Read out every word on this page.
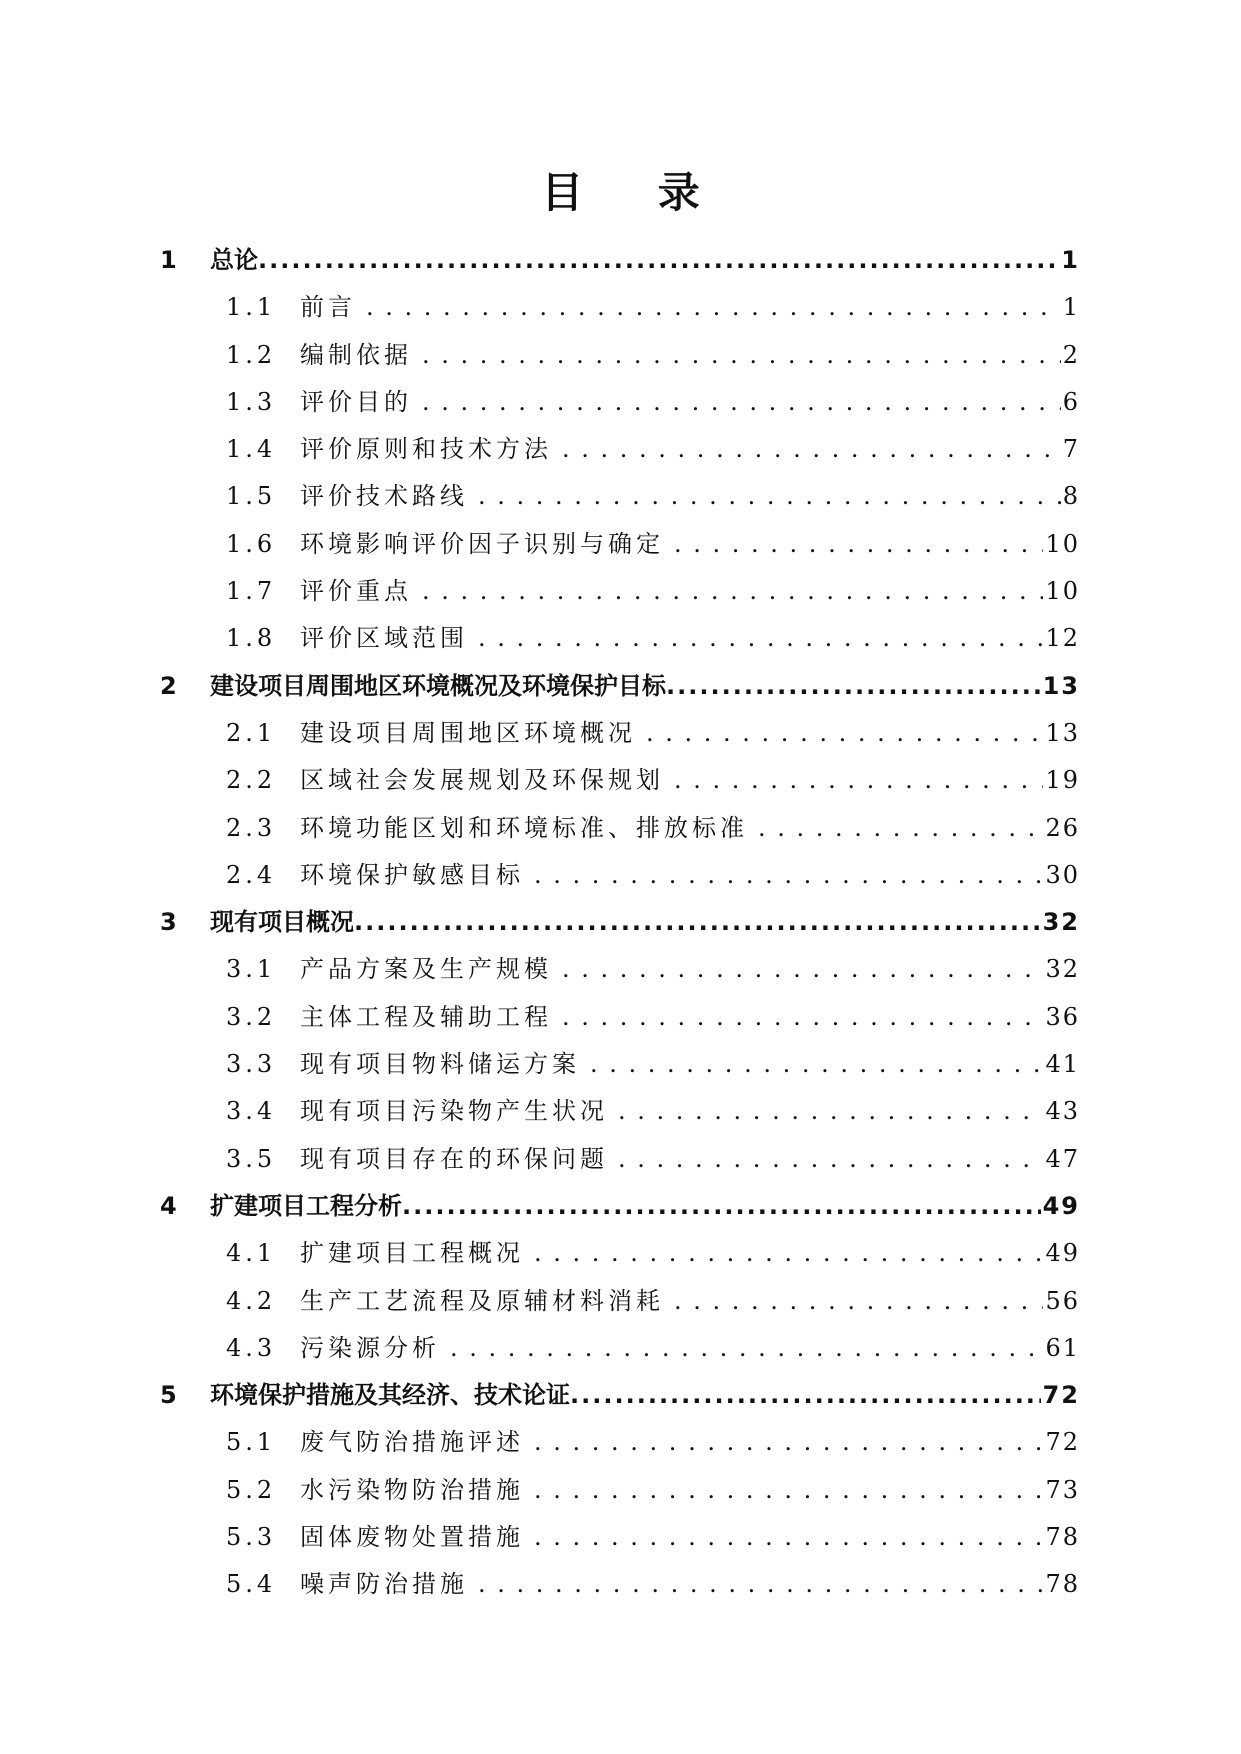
目 录
1	总论 .....	1
1.1 前言 . . .	1
1.2 编制依据 . . .	2
1.3 评价目的 . . .	6
1.4 评价原则和技术方法 . . .	7
1.5 评价技术路线 . . .	8
1.6 环境影响评价因子识别与确定 . . .	10
1.7 评价重点 . . .	10
1.8 评价区域范围 . . .	12
2	建设项目周围地区环境概况及环境保护目标 .....	13
2.1 建设项目周围地区环境概况 . . .	13
2.2 区域社会发展规划及环保规划 . . .	19
2.3 环境功能区划和环境标准、排放标准 . . .	26
2.4 环境保护敏感目标 . . .	30
3	现有项目概况 .....	32
3.1 产品方案及生产规模 . . .	32
3.2 主体工程及辅助工程 . . .	36
3.3 现有项目物料储运方案 . . .	41
3.4 现有项目污染物产生状况 . . .	43
3.5 现有项目存在的环保问题 . . .	47
4	扩建项目工程分析 .....	49
4.1 扩建项目工程概况 . . .	49
4.2 生产工艺流程及原辅材料消耗 . . .	56
4.3 污染源分析 . . .	61
5	环境保护措施及其经济、技术论证 .....	72
5.1 废气防治措施评述 . . .	72
5.2 水污染物防治措施 . . .	73
5.3 固体废物处置措施 . . .	78
5.4 噪声防治措施 . . .	78
